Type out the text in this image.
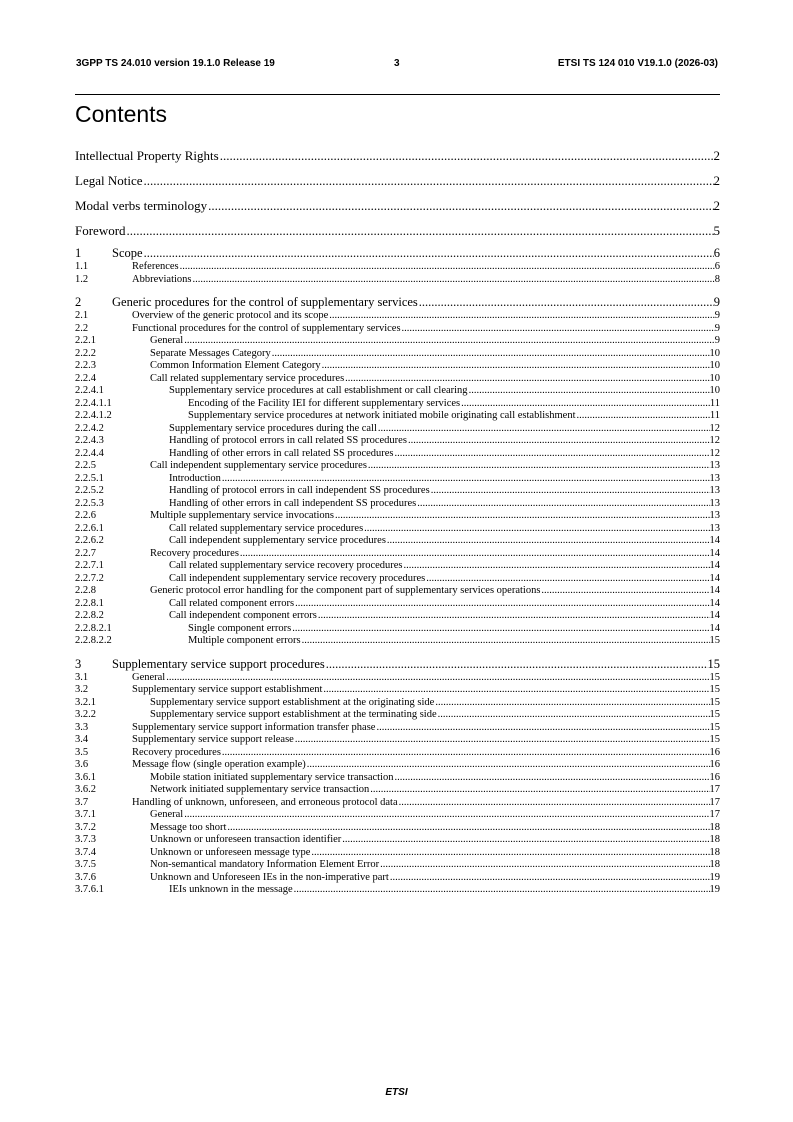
3GPP TS 24.010 version 19.1.0 Release 19	3	ETSI TS 124 010 V19.1.0 (2026-03)
Contents
Intellectual Property Rights .....	2
Legal Notice .....	2
Modal verbs terminology .....	2
Foreword .....	5
1 Scope .....	6
1.1	References .....	6
1.2	Abbreviations .....	8
2 Generic procedures for the control of supplementary services .....	9
2.1	Overview of the generic protocol and its scope .....	9
2.2	Functional procedures for the control of supplementary services .....	9
2.2.1	General .....	9
2.2.2	Separate Messages Category .....	10
2.2.3	Common Information Element Category .....	10
2.2.4	Call related supplementary service procedures .....	10
2.2.4.1	Supplementary service procedures at call establishment or call clearing .....	10
2.2.4.1.1	Encoding of the Facility IEI for different supplementary services .....	11
2.2.4.1.2	Supplementary service procedures at network initiated mobile originating call establishment .....	11
2.2.4.2	Supplementary service procedures during the call .....	12
2.2.4.3	Handling of protocol errors in call related SS procedures .....	12
2.2.4.4	Handling of other errors in call related SS procedures .....	12
2.2.5	Call independent supplementary service procedures .....	13
2.2.5.1	Introduction .....	13
2.2.5.2	Handling of protocol errors in call independent SS procedures .....	13
2.2.5.3	Handling of other errors in call independent SS procedures .....	13
2.2.6	Multiple supplementary service invocations .....	13
2.2.6.1	Call related supplementary service procedures .....	13
2.2.6.2	Call independent supplementary service procedures .....	14
2.2.7	Recovery procedures .....	14
2.2.7.1	Call related supplementary service recovery procedures .....	14
2.2.7.2	Call independent supplementary service recovery procedures .....	14
2.2.8	Generic protocol error handling for the component part of supplementary services operations .....	14
2.2.8.1	Call related component errors .....	14
2.2.8.2	Call independent component errors .....	14
2.2.8.2.1	Single component errors .....	14
2.2.8.2.2	Multiple component errors .....	15
3 Supplementary service support procedures .....	15
3.1	General .....	15
3.2	Supplementary service support establishment .....	15
3.2.1	Supplementary service support establishment at the originating side .....	15
3.2.2	Supplementary service support establishment at the terminating side .....	15
3.3	Supplementary service support information transfer phase .....	15
3.4	Supplementary service support release .....	15
3.5	Recovery procedures .....	16
3.6	Message flow (single operation example) .....	16
3.6.1	Mobile station initiated supplementary service transaction .....	16
3.6.2	Network initiated supplementary service transaction .....	17
3.7	Handling of unknown, unforeseen, and erroneous protocol data .....	17
3.7.1	General .....	17
3.7.2	Message too short .....	18
3.7.3	Unknown or unforeseen transaction identifier .....	18
3.7.4	Unknown or unforeseen message type .....	18
3.7.5	Non-semantical mandatory Information Element Error .....	18
3.7.6	Unknown and Unforeseen IEs in the non-imperative part .....	19
3.7.6.1	IEIs unknown in the message .....	19
ETSI
